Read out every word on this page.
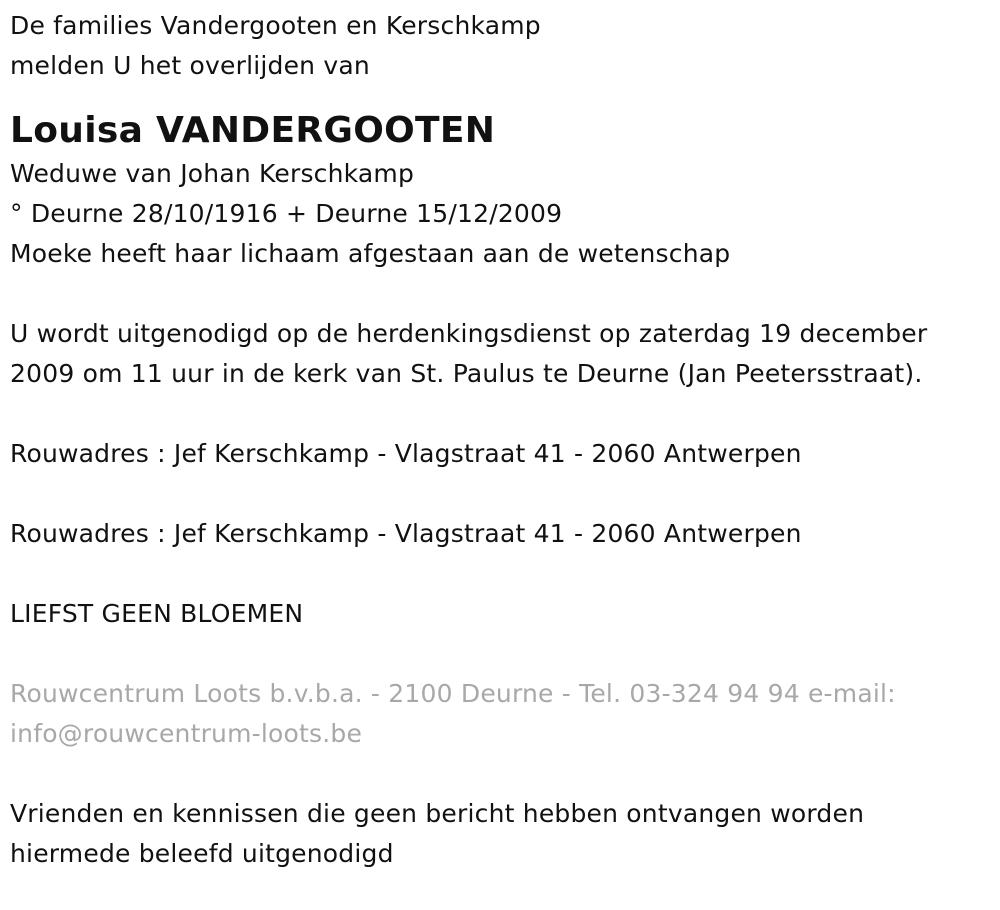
De families Vandergooten en Kerschkamp
melden U het overlijden van
Louisa VANDERGOOTEN
Weduwe van Johan Kerschkamp
° Deurne 28/10/1916 + Deurne 15/12/2009
Moeke heeft haar lichaam afgestaan aan de wetenschap
U wordt uitgenodigd op de herdenkingsdienst op zaterdag 19 december
2009 om 11 uur in de kerk van St. Paulus te Deurne (Jan Peetersstraat).
Rouwadres : Jef Kerschkamp - Vlagstraat 41 - 2060 Antwerpen
Rouwadres : Jef Kerschkamp - Vlagstraat 41 - 2060 Antwerpen
LIEFST GEEN BLOEMEN
Rouwcentrum Loots b.v.b.a. - 2100 Deurne - Tel. 03-324 94 94 e-mail:
info@rouwcentrum-loots.be
Vrienden en kennissen die geen bericht hebben ontvangen worden
hiermede beleefd uitgenodigd
